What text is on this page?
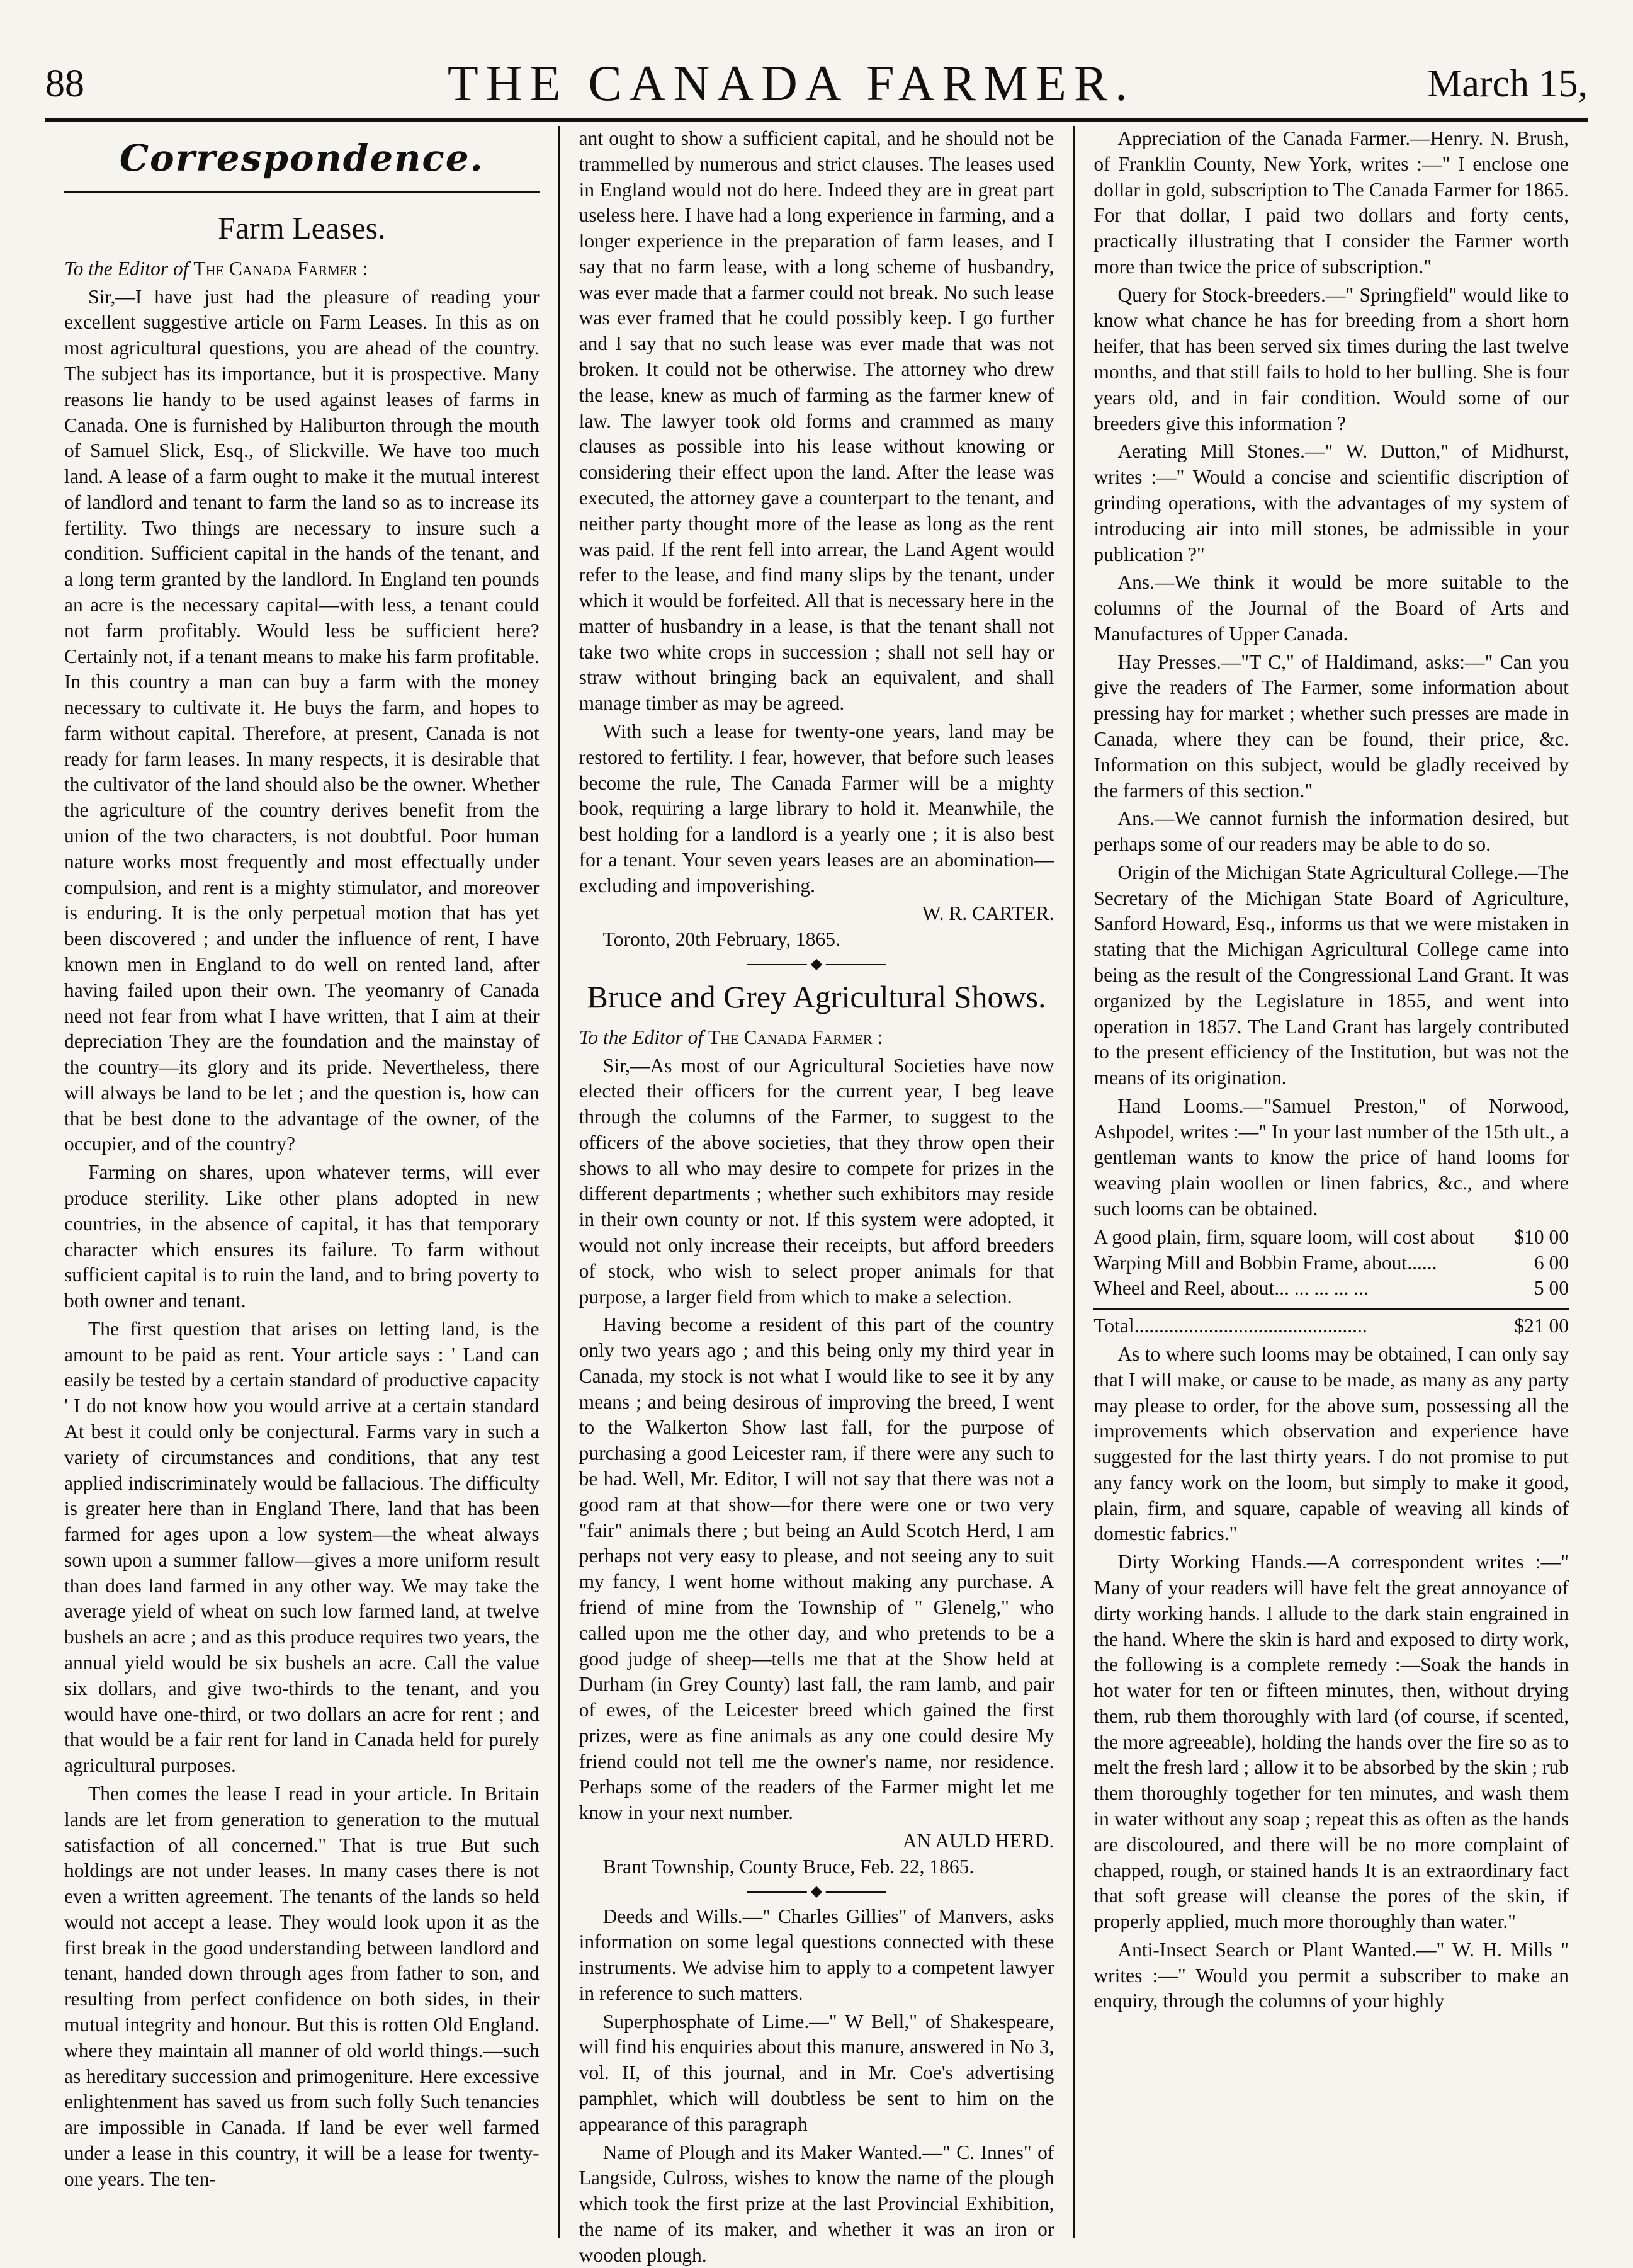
88	THE CANADA FARMER.	March 15,
Correspondence.
Farm Leases.

To the Editor of The Canada Farmer :

Sir,—I have just had the pleasure of reading your excellent suggestive article on Farm Leases. In this as on most agricultural questions, you are ahead of the country. The subject has its importance, but it is prospective. Many reasons lie handy to be used against leases of farms in Canada. One is furnished by Haliburton through the mouth of Samuel Slick, Esq., of Slickville. We have too much land. A lease of a farm ought to make it the mutual interest of landlord and tenant to farm the land so as to increase its fertility. Two things are necessary to insure such a condition. Sufficient capital in the hands of the tenant, and a long term granted by the landlord. In England ten pounds an acre is the necessary capital—with less, a tenant could not farm profitably. Would less be sufficient here? Certainly not, if a tenant means to make his farm profitable. In this country a man can buy a farm with the money necessary to cultivate it. He buys the farm, and hopes to farm without capital. Therefore, at present, Canada is not ready for farm leases. In many respects, it is desirable that the cultivator of the land should also be the owner. Whether the agriculture of the country derives benefit from the union of the two characters, is not doubtful. Poor human nature works most frequently and most effectually under compulsion, and rent is a mighty stimulator, and moreover is enduring. It is the only perpetual motion that has yet been discovered ; and under the influence of rent, I have known men in England to do well on rented land, after having failed upon their own. The yeomanry of Canada need not fear from what I have written, that I aim at their depreciation They are the foundation and the mainstay of the country—its glory and its pride. Nevertheless, there will always be land to be let ; and the question is, how can that be best done to the advantage of the owner, of the occupier, and of the country?

Farming on shares, upon whatever terms, will ever produce sterility. Like other plans adopted in new countries, in the absence of capital, it has that temporary character which ensures its failure. To farm without sufficient capital is to ruin the land, and to bring poverty to both owner and tenant.

The first question that arises on letting land, is the amount to be paid as rent. Your article says : ' Land can easily be tested by a certain standard of productive capacity ' I do not know how you would arrive at a certain standard At best it could only be conjectural. Farms vary in such a variety of circumstances and conditions, that any test applied indiscriminately would be fallacious. The difficulty is greater here than in England There, land that has been farmed for ages upon a low system—the wheat always sown upon a summer fallow—gives a more uniform result than does land farmed in any other way. We may take the average yield of wheat on such low farmed land, at twelve bushels an acre ; and as this produce requires two years, the annual yield would be six bushels an acre. Call the value six dollars, and give two-thirds to the tenant, and you would have one-third, or two dollars an acre for rent ; and that would be a fair rent for land in Canada held for purely agricultural purposes.

Then comes the lease I read in your article. In Britain lands are let from generation to generation to the mutual satisfaction of all concerned." That is true But such holdings are not under leases. In many cases there is not even a written agreement. The tenants of the lands so held would not accept a lease. They would look upon it as the first break in the good understanding between landlord and tenant, handed down through ages from father to son, and resulting from perfect confidence on both sides, in their mutual integrity and honour. But this is rotten Old England. where they maintain all manner of old world things.—such as hereditary succession and primogeniture. Here excessive enlightenment has saved us from such folly Such tenancies are impossible in Canada. If land be ever well farmed under a lease in this country, it will be a lease for twenty-one years. The ten-

ant ought to show a sufficient capital, and he should not be trammelled by numerous and strict clauses. The leases used in England would not do here. Indeed they are in great part useless here. I have had a long experience in farming, and a longer experience in the preparation of farm leases, and I say that no farm lease, with a long scheme of husbandry, was ever made that a farmer could not break. No such lease was ever framed that he could possibly keep. I go further and I say that no such lease was ever made that was not broken. It could not be otherwise. The attorney who drew the lease, knew as much of farming as the farmer knew of law. The lawyer took old forms and crammed as many clauses as possible into his lease without knowing or considering their effect upon the land. After the lease was executed, the attorney gave a counterpart to the tenant, and neither party thought more of the lease as long as the rent was paid. If the rent fell into arrear, the Land Agent would refer to the lease, and find many slips by the tenant, under which it would be forfeited. All that is necessary here in the matter of husbandry in a lease, is that the tenant shall not take two white crops in succession ; shall not sell hay or straw without bringing back an equivalent, and shall manage timber as may be agreed.

With such a lease for twenty-one years, land may be restored to fertility. I fear, however, that before such leases become the rule, The Canada Farmer will be a mighty book, requiring a large library to hold it. Meanwhile, the best holding for a landlord is a yearly one ; it is also best for a tenant. Your seven years leases are an abomination—excluding and impoverishing.

W. R. CARTER.

Toronto, 20th February, 1865.

◆
Bruce and Grey Agricultural Shows.

To the Editor of The Canada Farmer :

Sir,—As most of our Agricultural Societies have now elected their officers for the current year, I beg leave through the columns of the Farmer, to suggest to the officers of the above societies, that they throw open their shows to all who may desire to compete for prizes in the different departments ; whether such exhibitors may reside in their own county or not. If this system were adopted, it would not only increase their receipts, but afford breeders of stock, who wish to select proper animals for that purpose, a larger field from which to make a selection.

Having become a resident of this part of the country only two years ago ; and this being only my third year in Canada, my stock is not what I would like to see it by any means ; and being desirous of improving the breed, I went to the Walkerton Show last fall, for the purpose of purchasing a good Leicester ram, if there were any such to be had. Well, Mr. Editor, I will not say that there was not a good ram at that show—for there were one or two very "fair" animals there ; but being an Auld Scotch Herd, I am perhaps not very easy to please, and not seeing any to suit my fancy, I went home without making any purchase. A friend of mine from the Township of " Glenelg," who called upon me the other day, and who pretends to be a good judge of sheep—tells me that at the Show held at Durham (in Grey County) last fall, the ram lamb, and pair of ewes, of the Leicester breed which gained the first prizes, were as fine animals as any one could desire My friend could not tell me the owner's name, nor residence. Perhaps some of the readers of the Farmer might let me know in your next number.

AN AULD HERD.

Brant Township, County Bruce, Feb. 22, 1865.

◆

Deeds and Wills.—" Charles Gillies" of Manvers, asks information on some legal questions connected with these instruments. We advise him to apply to a competent lawyer in reference to such matters.

Superphosphate of Lime.—" W Bell," of Shakespeare, will find his enquiries about this manure, answered in No 3, vol. II, of this journal, and in Mr. Coe's advertising pamphlet, which will doubtless be sent to him on the appearance of this paragraph

Name of Plough and its Maker Wanted.—" C. Innes" of Langside, Culross, wishes to know the name of the plough which took the first prize at the last Provincial Exhibition, the name of its maker, and whether it was an iron or wooden plough.

Appreciation of the Canada Farmer.—Henry. N. Brush, of Franklin County, New York, writes :—" I enclose one dollar in gold, subscription to The Canada Farmer for 1865. For that dollar, I paid two dollars and forty cents, practically illustrating that I consider the Farmer worth more than twice the price of subscription."

Query for Stock-breeders.—" Springfield" would like to know what chance he has for breeding from a short horn heifer, that has been served six times during the last twelve months, and that still fails to hold to her bulling. She is four years old, and in fair condition. Would some of our breeders give this information ?

Aerating Mill Stones.—" W. Dutton," of Midhurst, writes :—" Would a concise and scientific discription of grinding operations, with the advantages of my system of introducing air into mill stones, be admissible in your publication ?"

Ans.—We think it would be more suitable to the columns of the Journal of the Board of Arts and Manufactures of Upper Canada.

Hay Presses.—"T C," of Haldimand, asks:—" Can you give the readers of The Farmer, some information about pressing hay for market ; whether such presses are made in Canada, where they can be found, their price, &c. Information on this subject, would be gladly received by the farmers of this section."

Ans.—We cannot furnish the information desired, but perhaps some of our readers may be able to do so.

Origin of the Michigan State Agricultural College.—The Secretary of the Michigan State Board of Agriculture, Sanford Howard, Esq., informs us that we were mistaken in stating that the Michigan Agricultural College came into being as the result of the Congressional Land Grant. It was organized by the Legislature in 1855, and went into operation in 1857. The Land Grant has largely contributed to the present efficiency of the Institution, but was not the means of its origination.

Hand Looms.—"Samuel Preston," of Norwood, Ashpodel, writes :—" In your last number of the 15th ult., a gentleman wants to know the price of hand looms for weaving plain woollen or linen fabrics, &c., and where such looms can be obtained.

A good plain, firm, square loom, will cost about	$10 00
Warping Mill and Bobbin Frame, about......	6 00
Wheel and Reel, about... ... ... ... ...	5 00

Total...............................................	$21 00

As to where such looms may be obtained, I can only say that I will make, or cause to be made, as many as any party may please to order, for the above sum, possessing all the improvements which observation and experience have suggested for the last thirty years. I do not promise to put any fancy work on the loom, but simply to make it good, plain, firm, and square, capable of weaving all kinds of domestic fabrics."

Dirty Working Hands.—A correspondent writes :—" Many of your readers will have felt the great annoyance of dirty working hands. I allude to the dark stain engrained in the hand. Where the skin is hard and exposed to dirty work, the following is a complete remedy :—Soak the hands in hot water for ten or fifteen minutes, then, without drying them, rub them thoroughly with lard (of course, if scented, the more agreeable), holding the hands over the fire so as to melt the fresh lard ; allow it to be absorbed by the skin ; rub them thoroughly together for ten minutes, and wash them in water without any soap ; repeat this as often as the hands are discoloured, and there will be no more complaint of chapped, rough, or stained hands It is an extraordinary fact that soft grease will cleanse the pores of the skin, if properly applied, much more thoroughly than water."

Anti-Insect Search or Plant Wanted.—" W. H. Mills " writes :—" Would you permit a subscriber to make an enquiry, through the columns of your highly
